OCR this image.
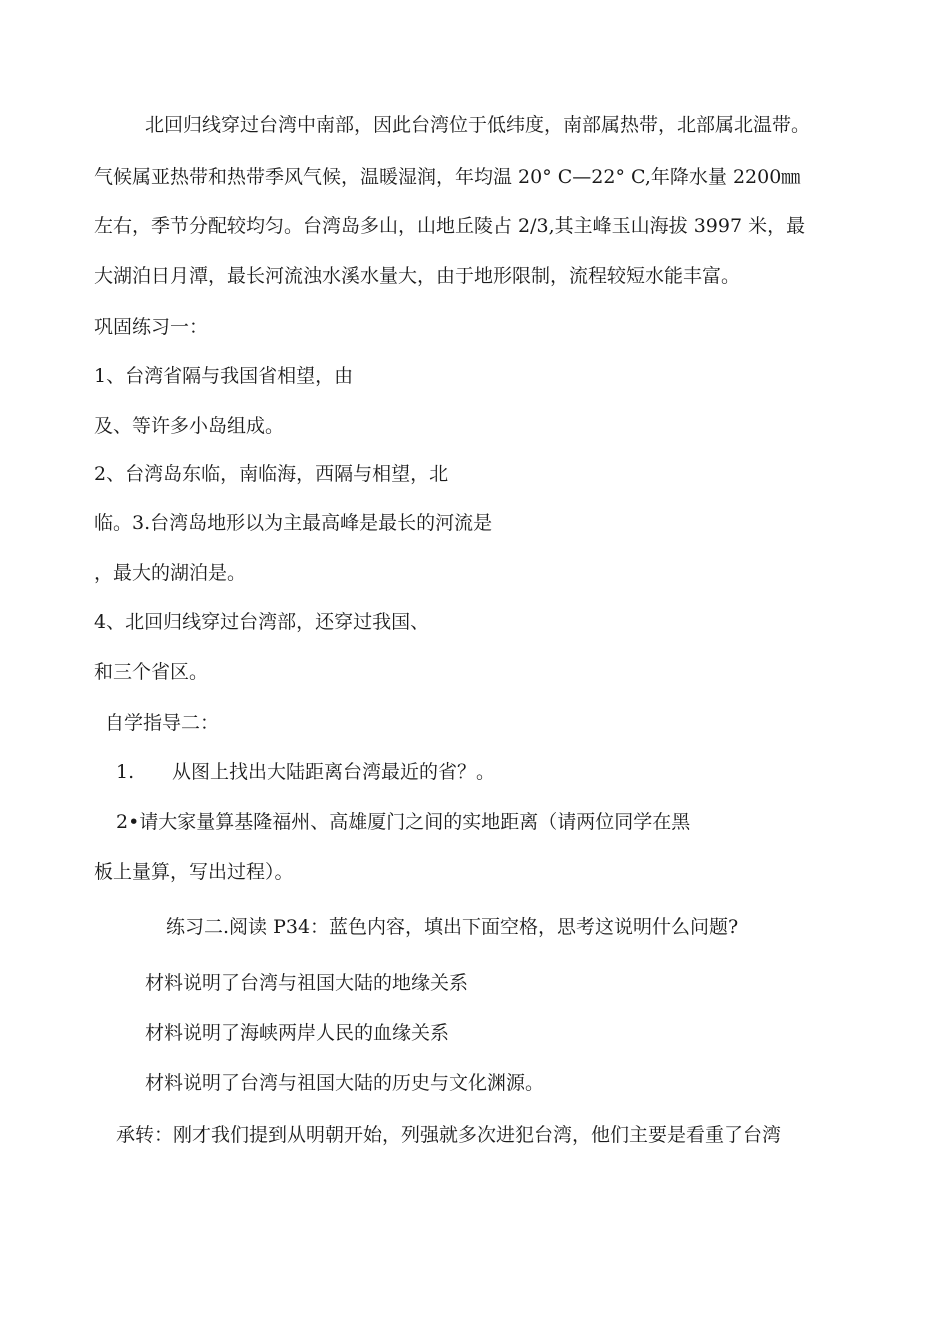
北回归线穿过台湾中南部，因此台湾位于低纬度，南部属热带，北部属北温带。
气候属亚热带和热带季风气候，温暖湿润，年均温 20° C—22° C,年降水量 2200㎜
左右，季节分配较均匀。台湾岛多山，山地丘陵占 2/3,其主峰玉山海拔 3997 米，最
大湖泊日月潭，最长河流浊水溪水量大，由于地形限制，流程较短水能丰富。
巩固练习一：
1、台湾省隔与我国省相望，由
及、等许多小岛组成。
2、台湾岛东临，南临海，西隔与相望，北
临。3.台湾岛地形以为主最高峰是最长的河流是
，最大的湖泊是。
4、北回归线穿过台湾部，还穿过我国、
和三个省区。
自学指导二：
1. 从图上找出大陆距离台湾最近的省？。
2•请大家量算基隆福州、高雄厦门之间的实地距离（请两位同学在黑
板上量算，写出过程）。
练习二.阅读 P34：蓝色内容，填出下面空格，思考这说明什么问题?
材料说明了台湾与祖国大陆的地缘关系
材料说明了海峡两岸人民的血缘关系
材料说明了台湾与祖国大陆的历史与文化渊源。
承转：刚才我们提到从明朝开始，列强就多次进犯台湾，他们主要是看重了台湾
